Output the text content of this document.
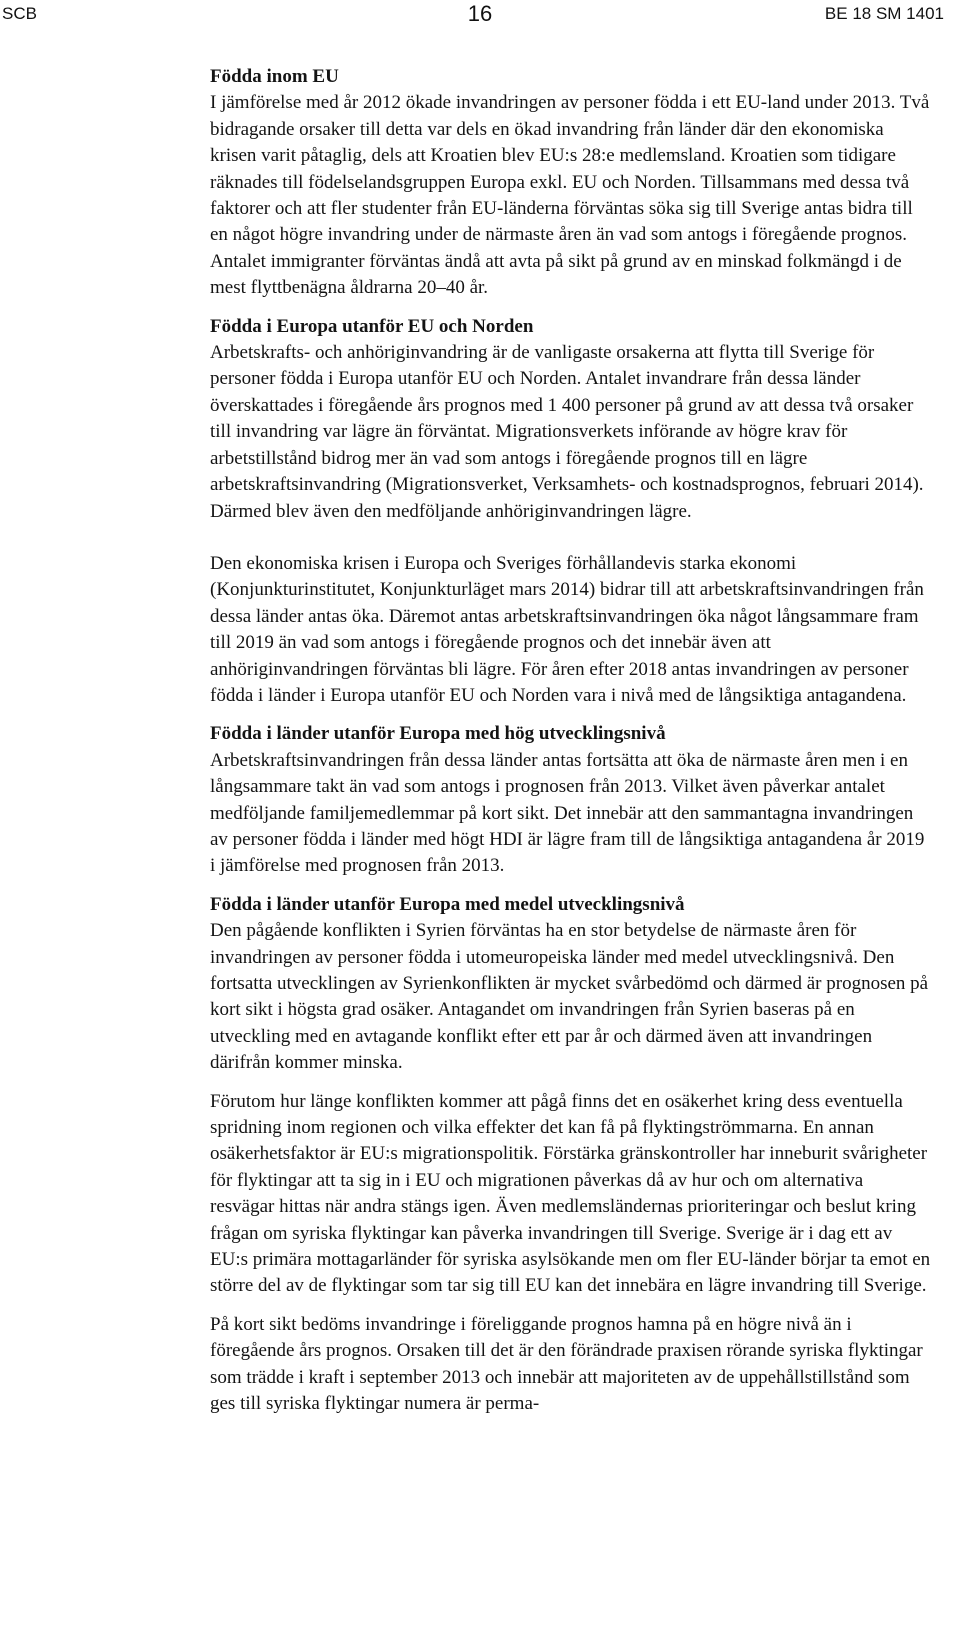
SCB	16	BE 18 SM 1401
Födda inom EU

I jämförelse med år 2012 ökade invandringen av personer födda i ett EU-land under 2013. Två bidragande orsaker till detta var dels en ökad invandring från länder där den ekonomiska krisen varit påtaglig, dels att Kroatien blev EU:s 28:e medlemsland. Kroatien som tidigare räknades till födelselandsgruppen Europa exkl. EU och Norden. Tillsammans med dessa två faktorer och att fler studenter från EU-länderna förväntas söka sig till Sverige antas bidra till en något högre invandring under de närmaste åren än vad som antogs i föregående prognos. Antalet immigranter förväntas ändå att avta på sikt på grund av en minskad folkmängd i de mest flyttbenägna åldrarna 20–40 år.

Födda i Europa utanför EU och Norden

Arbetskrafts- och anhöriginvandring är de vanligaste orsakerna att flytta till Sverige för personer födda i Europa utanför EU och Norden. Antalet invandrare från dessa länder överskattades i föregående års prognos med 1 400 personer på grund av att dessa två orsaker till invandring var lägre än förväntat. Migrationsverkets införande av högre krav för arbetstillstånd bidrog mer än vad som antogs i föregående prognos till en lägre arbetskraftsinvandring (Migrationsverket, Verksamhets- och kostnadsprognos, februari 2014). Därmed blev även den medföljande anhöriginvandringen lägre.

Den ekonomiska krisen i Europa och Sveriges förhållandevis starka ekonomi (Konjunkturinstitutet, Konjunkturläget mars 2014) bidrar till att arbetskraftsinvandringen från dessa länder antas öka. Däremot antas arbetskraftsinvandringen öka något långsammare fram till 2019 än vad som antogs i föregående prognos och det innebär även att anhöriginvandringen förväntas bli lägre. För åren efter 2018 antas invandringen av personer födda i länder i Europa utanför EU och Norden vara i nivå med de långsiktiga antagandena.

Födda i länder utanför Europa med hög utvecklingsnivå

Arbetskraftsinvandringen från dessa länder antas fortsätta att öka de närmaste åren men i en långsammare takt än vad som antogs i prognosen från 2013. Vilket även påverkar antalet medföljande familjemedlemmar på kort sikt. Det innebär att den sammantagna invandringen av personer födda i länder med högt HDI är lägre fram till de långsiktiga antagandena år 2019 i jämförelse med prognosen från 2013.

Födda i länder utanför Europa med medel utvecklingsnivå

Den pågående konflikten i Syrien förväntas ha en stor betydelse de närmaste åren för invandringen av personer födda i utomeuropeiska länder med medel utvecklingsnivå. Den fortsatta utvecklingen av Syrienkonflikten är mycket svårbedömd och därmed är prognosen på kort sikt i högsta grad osäker. Antagandet om invandringen från Syrien baseras på en utveckling med en avtagande konflikt efter ett par år och därmed även att invandringen därifrån kommer minska.

Förutom hur länge konflikten kommer att pågå finns det en osäkerhet kring dess eventuella spridning inom regionen och vilka effekter det kan få på flyktingströmmarna. En annan osäkerhetsfaktor är EU:s migrationspolitik. Förstärka gränskontroller har inneburit svårigheter för flyktingar att ta sig in i EU och migrationen påverkas då av hur och om alternativa resvägar hittas när andra stängs igen. Även medlemsländernas prioriteringar och beslut kring frågan om syriska flyktingar kan påverka invandringen till Sverige. Sverige är i dag ett av EU:s primära mottagarländer för syriska asylsökande men om fler EU-länder börjar ta emot en större del av de flyktingar som tar sig till EU kan det innebära en lägre invandring till Sverige.

På kort sikt bedöms invandringe i föreliggande prognos hamna på en högre nivå än i föregående års prognos. Orsaken till det är den förändrade praxisen rörande syriska flyktingar som trädde i kraft i september 2013 och innebär att majoriteten av de uppehållstillstånd som ges till syriska flyktingar numera är perma-
